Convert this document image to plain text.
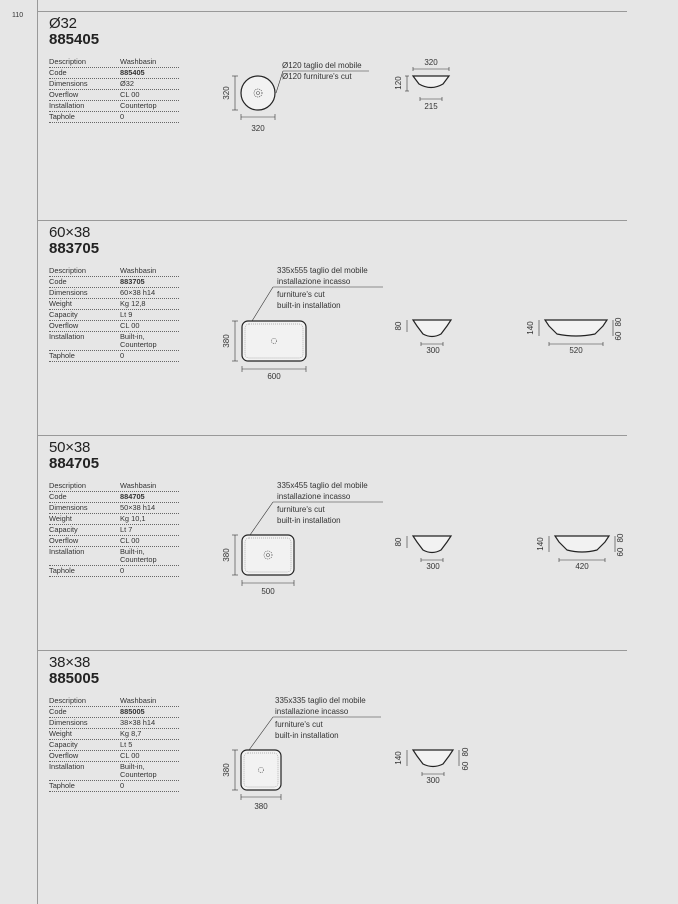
110 Ø32
885405
Description	Washbasin
Code	885405
Dimensions	Ø32
Overflow	CL 00
Installation	Countertop
Taphole	0
320
320
Ø120 taglio del mobile
Ø120 furniture's cut
320
215
120
60×38
883705
Description	Washbasin
Code	883705
Dimensions	60×38 h14
Weight	Kg 12,8
Capacity	Lt 9
Overflow	CL 00
Installation	Built-in,
Countertop
Taphole	0
600
380
335x555 taglio del mobile
installazione incasso
furniture's cut
built-in installation
300
80
520
140
60
80
50×38
884705
Description	Washbasin
Code	884705
Dimensions	50×38 h14
Weight	Kg 10,1
Capacity	Lt 7
Overflow	CL 00
Installation	Built-in,
Countertop
Taphole	0
500
380
335x455 taglio del mobile
installazione incasso
furniture's cut
built-in installation
300
80
420
140
60
80
38×38
885005
Description	Washbasin
Code	885005
Dimensions	38×38 h14
Weight	Kg 8,7
Capacity	Lt 5
Overflow	CL 00
Installation	Built-in,
Countertop
Taphole	0
380
380
335x335 taglio del mobile
installazione incasso
furniture's cut
built-in installation
300
140
60
80
